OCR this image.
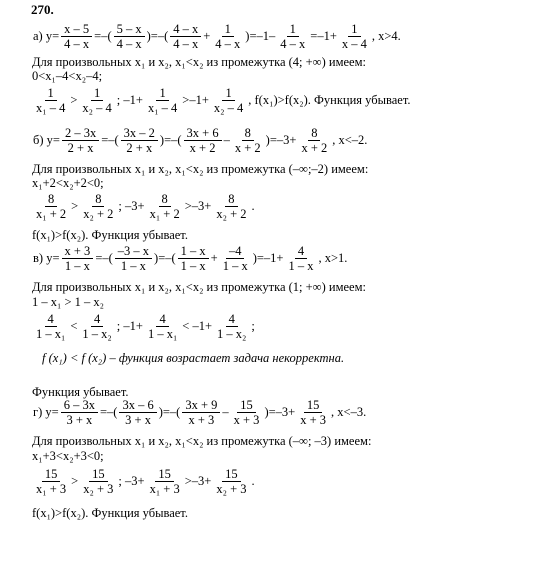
270.
а) $y= \frac{x - 5}{4 - x}$ =–( $\frac{5 - x}{4 - x}$ )=–( $\frac{4 - x}{4 - x} + \frac{1}{4 - x} )=-1- \frac{1}{4 - x} =-1+ \frac{1}{x - 4}$ , x>4.
Для произвольных x₁ и x₂, x₁<x₂ из промежутка (4; +∞) имеем:
0<x₁–4<x₂–4;
$\frac{1}{\text{x₁ – 4}} > \frac{1}{\text{x₂ – 4}}$ ; $-1+ \frac{1}{\text{x₁ – 4}} >-1+ \frac{1}{\text{x₂ – 4}}$ , f(x₁)>f(x₂). Функция убывает.
б) $y= \frac{2 - 3x}{2 + x}$ =–( $\frac{3x - 2}{2 + x}$ )=–( $\frac{3x + 6}{x + 2} - \frac{8}{x + 2} )=-3+ \frac{8}{x + 2}$ , x<–2.
Для произвольных x₁ и x₂, x₁<x₂ из промежутка (–∞;–2) имеем:
x₁+2<x₂+2<0;
$\frac{8}{\text{x₁ + 2}} > \frac{8}{\text{x₂ + 2}}$ ; $-3+ \frac{8}{\text{x₁ + 2}} >-3+ \frac{8}{\text{x₂ + 2}}$ .
f(x₁)>f(x₂). Функция убывает.
в) $y= \frac{x + 3}{1 - x}$ =–( $\frac{-3 - x}{1 - x}$ )=–( $\frac{1 - x}{1 - x} + \frac{-4}{1 - x} )=-1+ \frac{4}{1 - x}$ , x>1.
Для произвольных x₁ и x₂, x₁<x₂ из промежутка (1; +∞) имеем:
1 – x₁ > 1 – x₂
$\frac{4}{\text{1 – x₁}} < \frac{4}{\text{1 – x₂}}$ ; $-1+ \frac{4}{\text{1 – x₁}} < -1+ \frac{4}{\text{1 – x₂}}$ ;
f (x₁) < f (x₂) – функция возрастает задача некорректна.
Функция убывает.
г) $y= \frac{6 - 3x}{3 + x}$ =–( $\frac{3x - 6}{3 + x}$ )=–( $\frac{3x + 9}{x + 3} - \frac{15}{x + 3} )=-3+ \frac{15}{x + 3}$ , x<–3.
Для произвольных x₁ и x₂, x₁<x₂ из промежутка (–∞; –3) имеем:
x₁+3<x₂+3<0;
$\frac{15}{\text{x₁ + 3}} > \frac{15}{\text{x₂ + 3}}$ ; $-3+ \frac{15}{\text{x₁ + 3}} >-3+ \frac{15}{\text{x₂ + 3}}$ .
f(x₁)>f(x₂). Функция убывает.
